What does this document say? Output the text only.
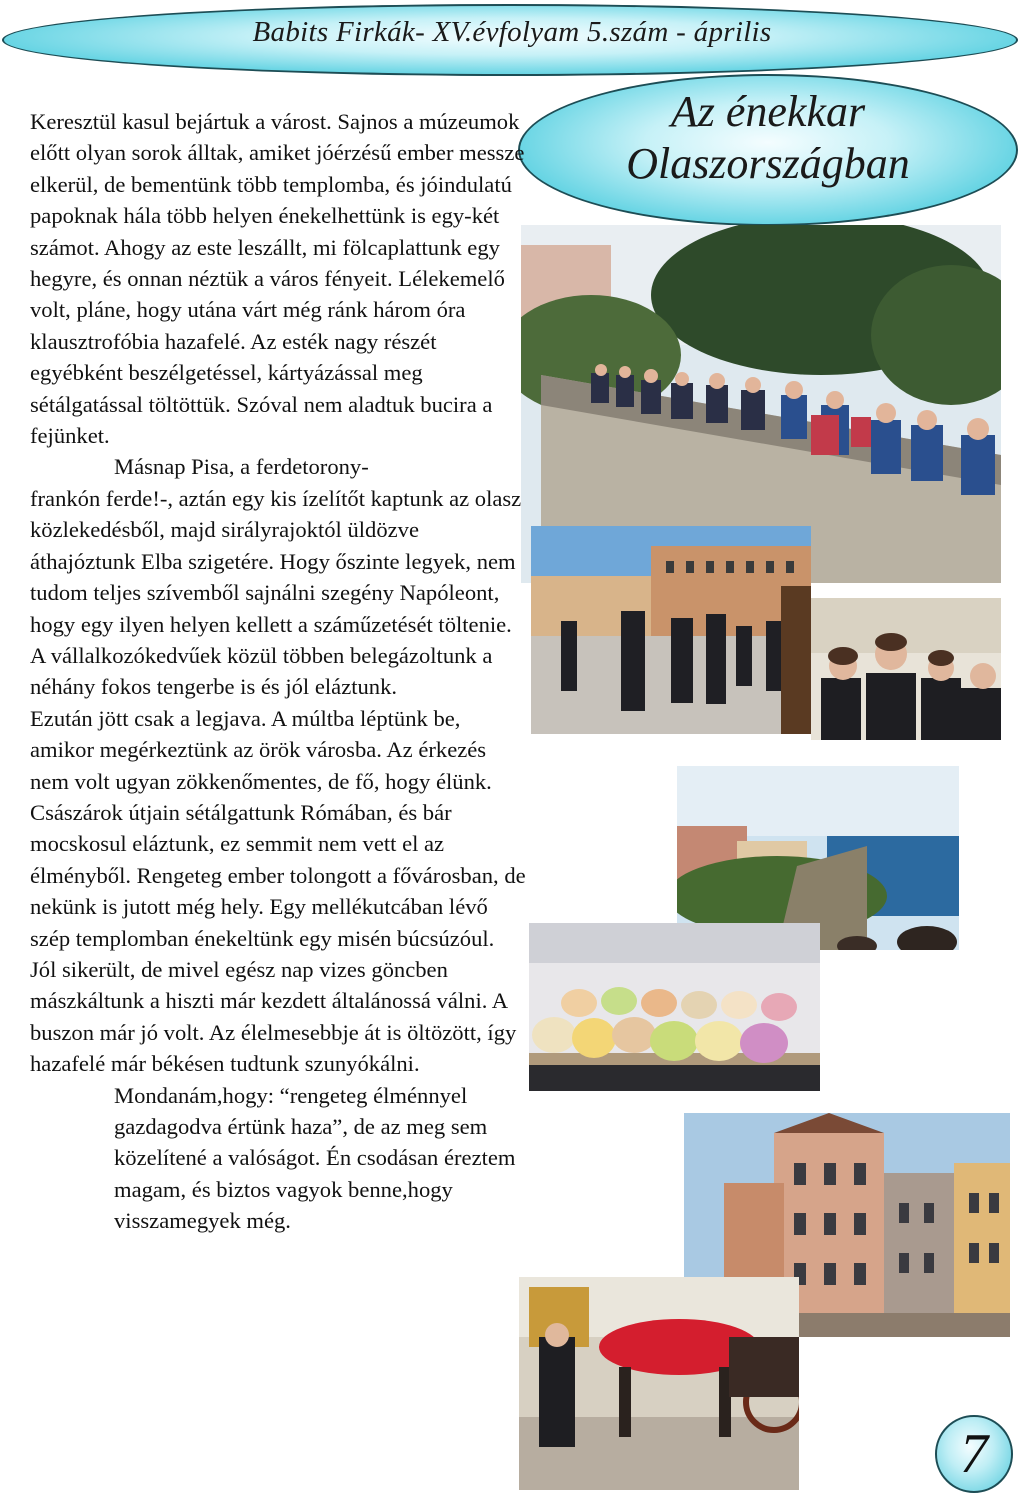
Babits Firkák- XV.évfolyam 5.szám - április
Az énekkar
Olaszországban

Keresztül kasul bejártuk a várost. Sajnos a múzeumok előtt olyan sorok álltak, amiket jóérzésű ember messze elkerül, de bementünk több templomba, és jóindulatú papoknak hála több helyen énekelhettünk is egy-két számot. Ahogy az este leszállt, mi fölcaplattunk egy hegyre, és onnan néztük a város fényeit. Lélekemelő volt, pláne, hogy utána várt még ránk három óra klausztrofóbia hazafelé. Az esték nagy részét egyébként beszélgetéssel, kártyázással meg sétálgatással töltöttük. Szóval nem aladtuk bucira a fejünket.

Másnap Pisa, a ferdetorony-

frankón ferde!-, aztán egy kis ízelítőt kaptunk az olasz közlekedésből, majd sirályrajoktól üldözve áthajóztunk Elba szigetére. Hogy őszinte legyek, nem tudom teljes szívemből sajnálni szegény Napóleont, hogy egy ilyen helyen kellett a száműzetését töltenie.

A vállalkozókedvűek közül többen belegázoltunk a néhány fokos tengerbe is és jól eláztunk.

Ezután jött csak a legjava. A múltba léptünk be, amikor megérkeztünk az örök városba. Az érkezés nem volt ugyan zökkenőmentes, de fő, hogy élünk. Császárok útjain sétálgattunk Rómában, és bár mocskosul eláztunk, ez semmit nem vett el az élményből. Rengeteg ember tolongott a fővárosban, de nekünk is jutott még hely. Egy mellékutcában lévő szép templomban énekeltünk egy misén búcsúzóul. Jól sikerült, de mivel egész nap vizes göncben mászkáltunk a hiszti már kezdett általánossá válni. A buszon már jó volt. Az élelmesebbje át is öltözött, így hazafelé már békésen tudtunk szunyókálni.

Mondanám,hogy: “rengeteg élménnyel gazdagodva értünk haza”, de az meg sem közelítené a valóságot. Én csodásan éreztem magam, és biztos vagyok benne,hogy visszamegyek még.

7
